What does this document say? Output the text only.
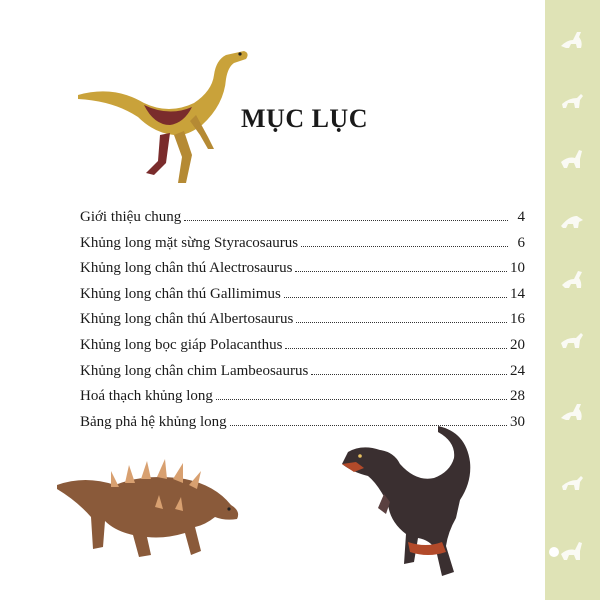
MỤC LỤC
Giới thiệu chung	4
Khủng long mặt sừng Styracosaurus	6
Khủng long chân thú Alectrosaurus	10
Khủng long chân thú Gallimimus	14
Khủng long chân thú Albertosaurus	16
Khủng long bọc giáp Polacanthus	20
Khủng long chân chim Lambeosaurus	24
Hoá thạch khủng long	28
Bảng phả hệ khủng long	30
